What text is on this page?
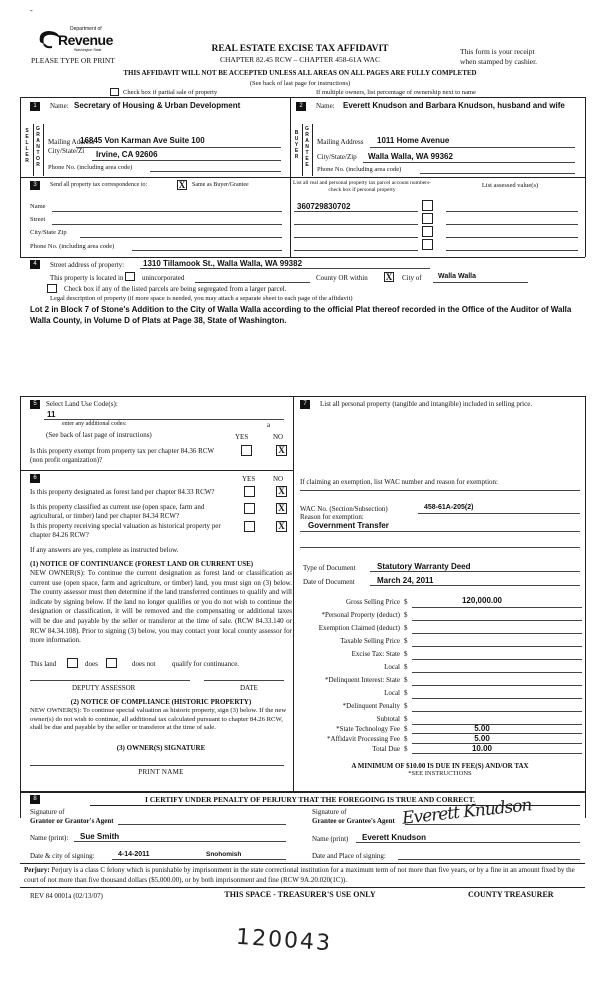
Department of
Revenue
Washington State
-
REAL ESTATE EXCISE TAX AFFIDAVIT
CHAPTER 82.45 RCW – CHAPTER 458-61A WAC
PLEASE TYPE OR PRINT
This form is your receipt
when stamped by cashier.
THIS AFFIDAVIT WILL NOT BE ACCEPTED UNLESS ALL AREAS ON ALL PAGES ARE FULLY COMPLETED
(See back of last page for instructions)
Check box if partial sale of property	If multiple owners, list percentage of ownership next to name
1	Name: Secretary of Housing & Urban Development
SELLER
GRANTOR
Mailing Address
16845 Von Karman Ave Suite 100
City/State/Zi Irvine, CA 92606
Phone No. (including area code)
2	Name: Everett Knudson and Barbara Knudson, husband and wife
BUYER
GRANTEE
Mailing Address 1011 Home Avenue
City/State/Zip Walla Walla, WA 99362
Phone No. (including area code)
3	Send all property tax correspondence to:	X Same as Buyer/Grantee	List all real and personal property tax parcel account numbers-check box if personal property
List assessed value(s)
360729830702
Name
Street
City/State Zip
Phone No. (including area code)
4	Street address of property: 1310 Tillamook St., Walla Walla, WA 99382
This property is located in	unincorporated	County OR within X City of Walla Walla
Check box if any of the listed parcels are being segregated from a larger parcel.
Legal description of property (if more space is needed, you may attach a separate sheet to each page of the affidavit)
Lot 2 in Block 7 of Stone's Addition to the City of Walla Walla according to the official Plat thereof recorded in the Office of the Auditor of Walla Walla County, in Volume D of Plats at Page 38, State of Washington.
5	Select Land Use Code(s):
11
enter any additional codes:	a
(See back of last page of instructions)	YES	NO
Is this property exempt from property tax per chapter 84.36 RCW (non profit organization)?
X
6	YES	NO
Is this property designated as forest land per chapter 84.33 RCW?	X
Is this property classified as current use (open space, farm and agricultural, or timber) land per chapter 84.34 RCW?
X
Is this property receiving special valuation as historical property per chapter 84.26 RCW?
X
If any answers are yes, complete as instructed below.
(1) NOTICE OF CONTINUANCE (FOREST LAND OR CURRENT USE)
NEW OWNER(S): To continue the current designation as forest land or classification as current use (open space, farm and agriculture, or timber) land, you must sign on (3) below. The county assessor must then determine if the land transferred continues to qualify and will indicate by signing below. If the land no longer qualifies or you do not wish to continue the designation or classification, it will be removed and the compensating or additional taxes will be due and payable by the seller or transferor at the time of sale. (RCW 84.33.140 or RCW 84.34.108). Prior to signing (3) below, you may contact your local county assessor for more information.
This land	does	does not qualify for continuance.
DEPUTY ASSESSOR	DATE
(2) NOTICE OF COMPLIANCE (HISTORIC PROPERTY)
NEW OWNER(S): To continue special valuation as historic property, sign (3) below. If the new owner(s) do not wish to continue, all additional tax calculated pursuant to chapter 84.26 RCW, shall be due and payable by the seller or transferor at the time of sale.
(3) OWNER(S) SIGNATURE
PRINT NAME
7	List all personal property (tangible and intangible) included in selling price.
If claiming an exemption, list WAC number and reason for exemption:
WAC No. (Section/Subsection)	458-61A-205(2)
Reason for exemption:
Government Transfer
Type of Document	Statutory Warranty Deed
Date of Document	March 24, 2011
Gross Selling Price $	120,000.00
*Personal Property (deduct) $
Exemption Claimed (deduct) $
Taxable Selling Price $
Excise Tax: State $
Local $
*Delinquent Interest: State $
Local $
*Delinquent Penalty $
Subtotal $
*State Technology Fee $	5.00
*Affidavit Processing Fee $	5.00
Total Due $	10.00
A MINIMUM OF $10.00 IS DUE IN FEE(S) AND/OR TAX
*SEE INSTRUCTIONS
8	I CERTIFY UNDER PENALTY OF PERJURY THAT THE FOREGOING IS TRUE AND CORRECT.
Signature of
Grantor or Grantor's Agent
Signature of
Grantee or Grantee's Agent Everett Knudson
Name (print): Sue Smith	Name (print) Everett Knudson
Date & city of signing:	4-14-2011	Snohomish	Date and Place of signing:
Perjury: Perjury is a class C felony which is punishable by imprisonment in the state correctional institution for a maximum term of not more than five years, or by a fine in an amount fixed by the court of not more than five thousand dollars ($5,000.00), or by both imprisonment and fine (RCW 9A.20.020(1C)).
REV 84 0001a (02/13/07)	THIS SPACE - TREASURER'S USE ONLY	COUNTY TREASURER
120043
